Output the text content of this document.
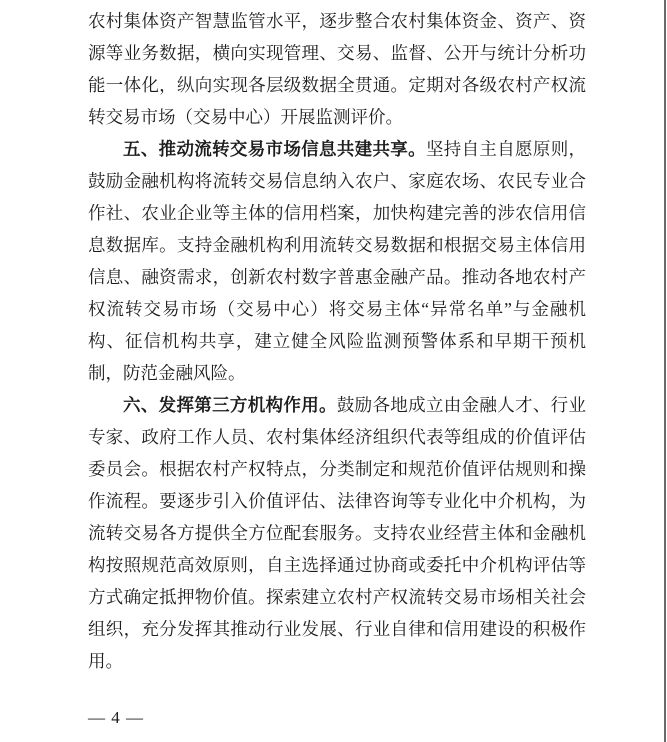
农村集体资产智慧监管水平，逐步整合农村集体资金、资产、资源等业务数据，横向实现管理、交易、监督、公开与统计分析功能一体化，纵向实现各层级数据全贯通。定期对各级农村产权流转交易市场（交易中心）开展监测评价。

五、推动流转交易市场信息共建共享。坚持自主自愿原则，鼓励金融机构将流转交易信息纳入农户、家庭农场、农民专业合作社、农业企业等主体的信用档案，加快构建完善的涉农信用信息数据库。支持金融机构利用流转交易数据和根据交易主体信用信息、融资需求，创新农村数字普惠金融产品。推动各地农村产权流转交易市场（交易中心）将交易主体“异常名单”与金融机构、征信机构共享，建立健全风险监测预警体系和早期干预机制，防范金融风险。

六、发挥第三方机构作用。鼓励各地成立由金融人才、行业专家、政府工作人员、农村集体经济组织代表等组成的价值评估委员会。根据农村产权特点，分类制定和规范价值评估规则和操作流程。要逐步引入价值评估、法律咨询等专业化中介机构，为流转交易各方提供全方位配套服务。支持农业经营主体和金融机构按照规范高效原则，自主选择通过协商或委托中介机构评估等方式确定抵押物价值。探索建立农村产权流转交易市场相关社会组织，充分发挥其推动行业发展、行业自律和信用建设的积极作用。

— 4 —
